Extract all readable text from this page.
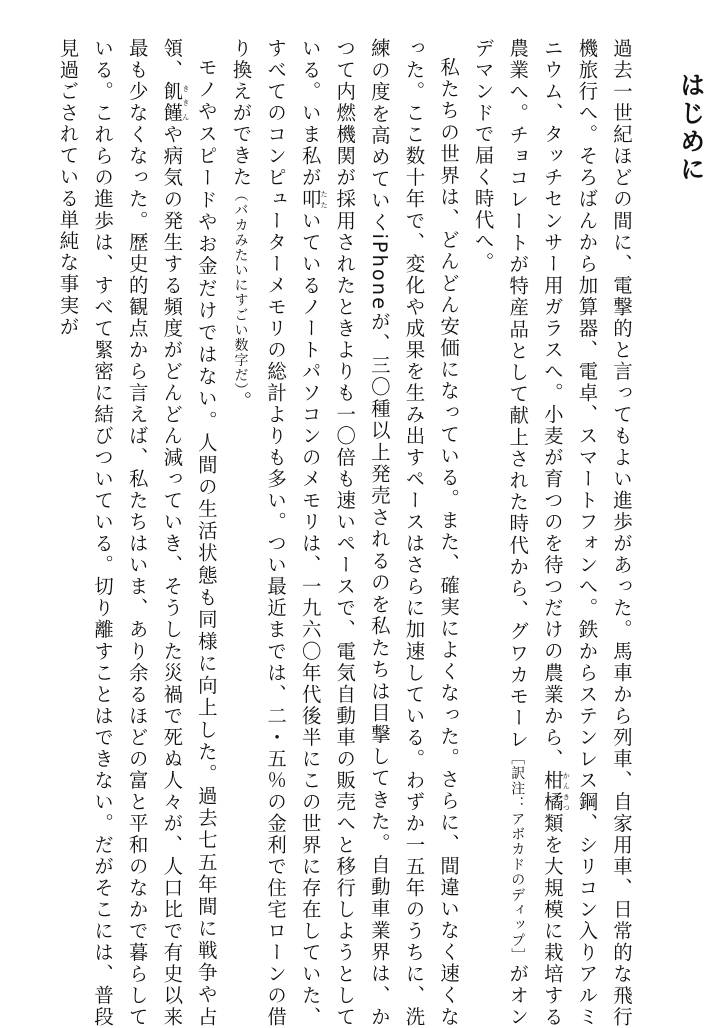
はじめに

過去一世紀ほどの間に、電撃的と言ってもよい進歩があった。馬車から列車、自家用車、日常的な飛行機旅行へ。そろばんから加算器、電卓、スマートフォンへ。鉄からステンレス鋼、シリコン入りアルミニウム、タッチセンサー用ガラスへ。小麦が育つのを待つだけの農業から、柑橘かんきつ類を大規模に栽培する農業へ。チョコレートが特産品として献上された時代から、グワカモーレ［訳注：アボカドのディップ］がオンデマンドで届く時代へ。

私たちの世界は、どんどん安価になっている。また、確実によくなった。さらに、間違いなく速くなった。ここ数十年で、変化や成果を生み出すペースはさらに加速している。わずか一五年のうちに、洗練の度を高めていくiPhoneが、三〇種以上発売されるのを私たちは目撃してきた。自動車業界は、かつて内燃機関が採用されたときよりも一〇倍も速いペースで、電気自動車の販売へと移行しようとしている。いま私が叩たたいているノートパソコンのメモリは、一九六〇年代後半にこの世界に存在していた、すべてのコンピューターメモリの総計よりも多い。つい最近までは、二・五％の金利で住宅ローンの借り換えができた（バカみたいにすごい数字だ）。

モノやスピードやお金だけではない。人間の生活状態も同様に向上した。過去七五年間に戦争や占領、飢饉ききんや病気の発生する頻度がどんどん減っていき、そうした災禍で死ぬ人々が、人口比で有史以来最も少なくなった。歴史的観点から言えば、私たちはいま、あり余るほどの富と平和のなかで暮らしている。これらの進歩は、すべて緊密に結びついている。切り離すことはできない。だがそこには、普段見過ごされている単純な事実が
